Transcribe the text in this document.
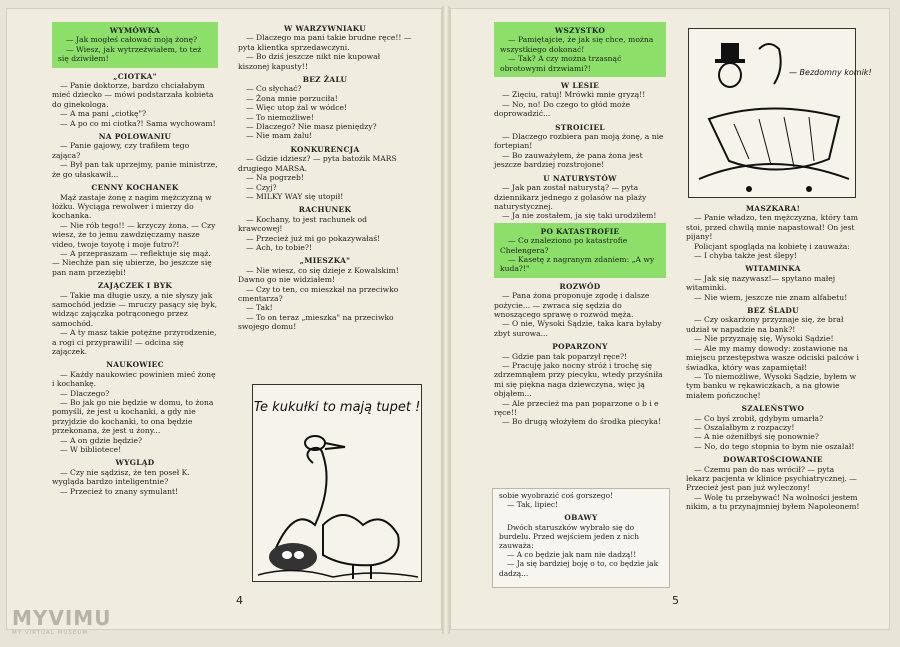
WYMÓWKA

— Jak mogłeś całować moją żonę?

— Wiesz, jak wytrzeźwiałem, to też się dziwiłem!

„CIOTKA"

— Panie doktorze, bardzo chciałabym mieć dziecko — mówi podstarzała kobieta do ginekologa.

— A ma pani „ciotkę"?

— A po co mi ciotka?! Sama wychowam!

NA POLOWANIU

— Panie gajowy, czy trafiłem tego zająca?

— Był pan tak uprzejmy, panie ministrze, że go ułaskawił...

CENNY KOCHANEK

Mąż zastaje żonę z nagim mężczyzną w łóżku. Wyciąga rewolwer i mierzy do kochanka.

— Nie rób tego!! — krzyczy żona. — Czy wiesz, że to jemu zawdzięczamy nasze video, twoje toyotę i moje futro?!

— A przepraszam — reflektuje się mąż. — Niechże pan się ubierze, bo jeszcze się pan nam przeziębi!

ZAJĄCZEK I BYK

— Takie ma długie uszy, a nie słyszy jak samochód jedzie — mruczy pasący się byk, widząc zajączka potrąconego przez samochód.

— A ty masz takie potężne przyrodzenie, a rogi ci przyprawili! — odcina się zajączek.

NAUKOWIEC

— Każdy naukowiec powinien mieć żonę i kochankę.

— Dlaczego?

— Bo jak go nie będzie w domu, to żona pomyśli, że jest u kochanki, a gdy nie przyjdzie do kochanki, to ona będzie przekonana, że jest u żony...

— A on gdzie będzie?

— W bibliotece!

WYGLĄD

— Czy nie sądzisz, że ten poseł K. wygląda bardzo inteligentnie?

— Przecież to znany symulant!

W WARZYWNIAKU

— Dlaczego ma pani takie brudne ręce!! — pyta klientka sprzedawczyni.

— Bo dziś jeszcze nikt nie kupował kiszonej kapusty!!

BEZ ŻALU

— Co słychać?

— Żona mnie porzuciła!

— Więc utop żal w wódce!

— To niemożliwe!

— Dlaczego? Nie masz pieniędzy?

— Nie mam żalu!

KONKURENCJA

— Gdzie idziesz? — pyta batożik MARS drugiego MARSA.

— Na pogrzeb!

— Czyj?

— MILKY WAY się utopił!

RACHUNEK

— Kochany, to jest rachunek od krawcowej!

— Przecież już mi go pokazywałaś!

— Ach, to tobie?!

„MIESZKA"

— Nie wiesz, co się dzieje z Kowalskim! Dawno go nie widziałem!

— Czy to ten, co mieszkał na przeciwko cmentarza?

— Tak!

— To on teraz „mieszka" na przeciwko swojego domu!

Te kukułki to mają tupet !
4

WSZYSTKO

— Pamiętajcie, że jak się chce, można wszystkiego dokonać!

— Tak? A czy można trzasnąć obrotowymi drzwiami?!

W LESIE

— Zięciu, ratuj! Mrówki mnie gryzą!!

— No, no! Do czego to głód może doprowadzić...

STROICIEL

— Dlaczego rozbiera pan moją żonę, a nie fortepian!

— Bo zauważyłem, że pana żona jest jeszcze bardziej rozstrojone!

U NATURYSTÓW

— Jak pan został naturystą? — pyta dziennikarz jednego z golasów na plaży naturystycznej.

— Ja nie zostałem, ja się taki urodziłem!

PO KATASTROFIE

— Co znaleziono po katastrofie Chelengera?

— Kasetę z nagranym zdaniem: „A wy kuda?!"

ROZWÓD

— Pana żona proponuje zgodę i dalsze pożycie... — zwraca się sędzia do wnoszącego sprawę o rozwód męża.

— O nie, Wysoki Sądzie, taka kara byłaby zbyt surowa...

POPARZONY

— Gdzie pan tak poparzył ręce?!

— Pracuję jako nocny stróż i trochę się zdrzemnąłem przy piecyku, wtedy przyśniła mi się piękna naga dziewczyna, więc ją objąłem...

— Ale przecież ma pan poparzone o b i e ręce!!

— Bo drugą włożyłem do środka piecyka!

sobie wyobrazić coś gorszego!

— Tak, lipiec!

OBAWY

Dwóch staruszków wybrało się do burdelu. Przed wejściem jeden z nich zauważa:

— A co będzie jak nam nie dadzą!!

— Ja się bardziej boję o to, co będzie jak dadzą...

— Bezdomny komik!

MASZKARA!

— Panie władzo, ten mężczyzna, który tam stoi, przed chwilą mnie napastował! On jest pijany!

Policjant spogląda na kobietę i zauważa:

— I chyba także jest ślepy!

WITAMINKA

— Jak się nazywasz!— spytano małej witaminki.

— Nie wiem, jeszcze nie znam alfabetu!

BEZ ŚLADU

— Czy oskarżony przyznaje się, że brał udział w napadzie na bank?!

— Nie przyznaję się, Wysoki Sądzie!

— Ale my mamy dowody: zostawione na miejscu przestępstwa wasze odciski palców i świadka, który was zapamiętał!

— To niemożliwe, Wysoki Sądzie, byłem w tym banku w rękawiczkach, a na głowie miałem pończochę!

SZALEŃSTWO

— Co byś zrobił, gdybym umarła?

— Oszalałbym z rozpaczy!

— A nie ożeniłbyś się ponownie?

— No, do tego stopnia to bym nie oszalał!

DOWARTOŚCIOWANIE

— Czemu pan do nas wrócił? — pyta lekarz pacjenta w klinice psychiatrycznej. — Przecież jest pan już wyleczony!

— Wolę tu przebywać! Na wolności jestem nikim, a tu przynajmniej byłem Napoleonem!

5
MYVIMU
MY VIRTUAL MUSEUM
